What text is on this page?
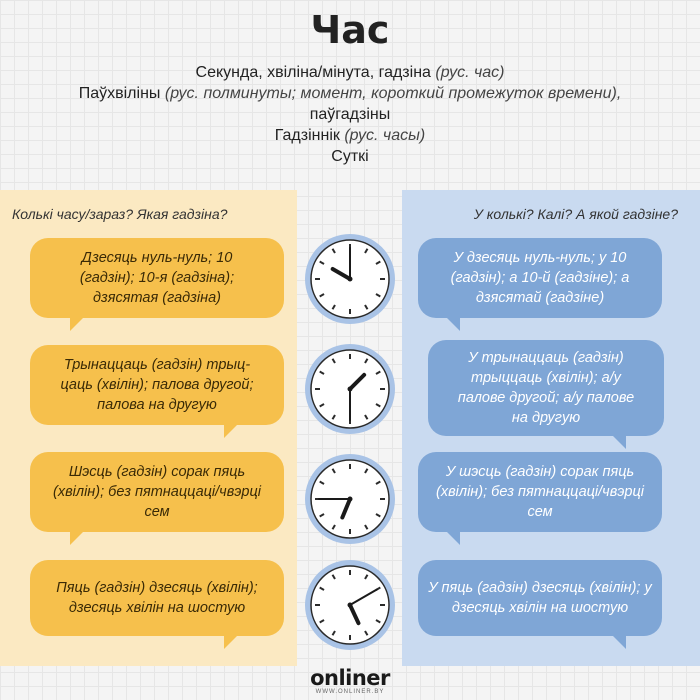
Час
Секунда, хвіліна/мінута, гадзіна (рус. час)
Паўхвіліны (рус. полминуты; момент, короткий промежуток времени),
паўгадзіны
Гадзіннік (рус. часы)
Суткі
Колькі часу/зараз? Якая гадзіна?	У колькі? Калі? А якой гадзіне?
Дзесяць нуль-нуль; 10
(гадзін); 10-я (гадзіна);
дзясятая (гадзіна)
Трынаццаць (гадзін) трыц-
цаць (хвілін); палова другой;
палова на другую
Шэсць (гадзін) сорак пяць
(хвілін); без пятнаццаці/чвэрці
сем
Пяць (гадзін) дзесяць (хвілін);
дзесяць хвілін на шостую
У дзесяць нуль-нуль; у 10
(гадзін); а 10-й (гадзіне); а
дзясятай (гадзіне)
У трынаццаць (гадзін)
трыццаць (хвілін); а/у
палове другой; а/у палове
на другую
У шэсць (гадзін) сорак пяць
(хвілін); без пятнаццаці/чвэрці
сем
У пяць (гадзін) дзесяць (хвілін); у
дзесяць хвілін на шостую
onliner
WWW.ONLINER.BY
